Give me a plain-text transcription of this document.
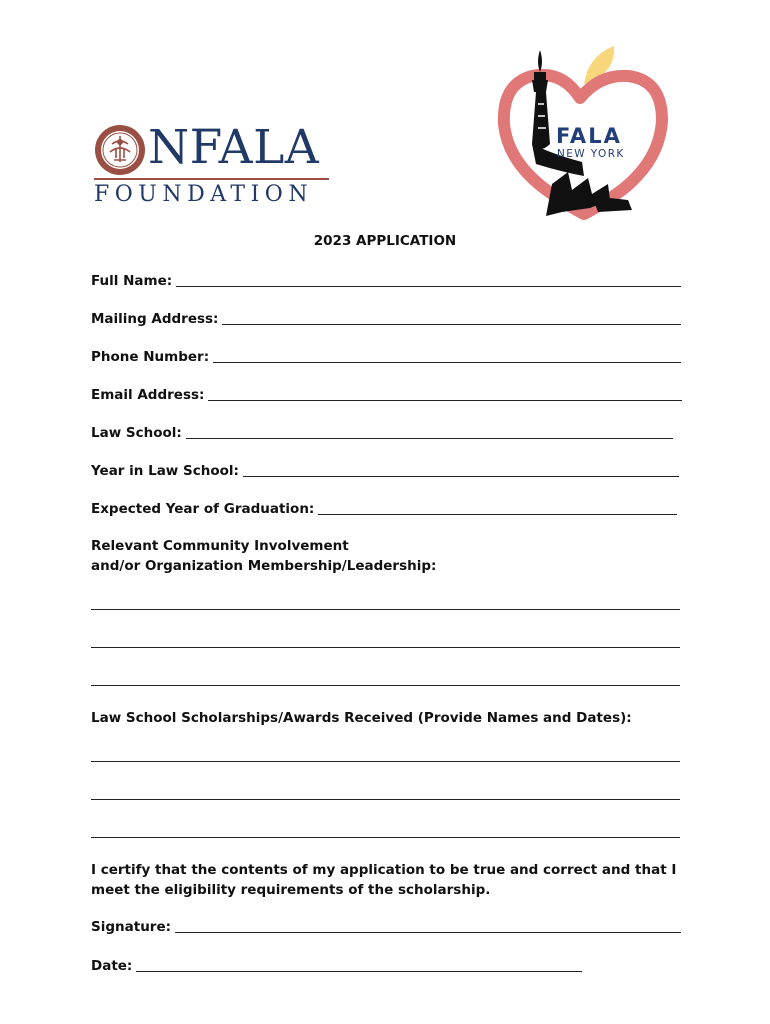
NFALA
FOUNDATION
FALA
NEW YORK
2023 APPLICATION
Full Name:
Mailing Address:
Phone Number:
Email Address:
Law School:
Year in Law School:
Expected Year of Graduation:
Relevant Community Involvement
and/or Organization Membership/Leadership:
Law School Scholarships/Awards Received (Provide Names and Dates):
I certify that the contents of my application to be true and correct and that I
meet the eligibility requirements of the scholarship.
Signature:
Date:
